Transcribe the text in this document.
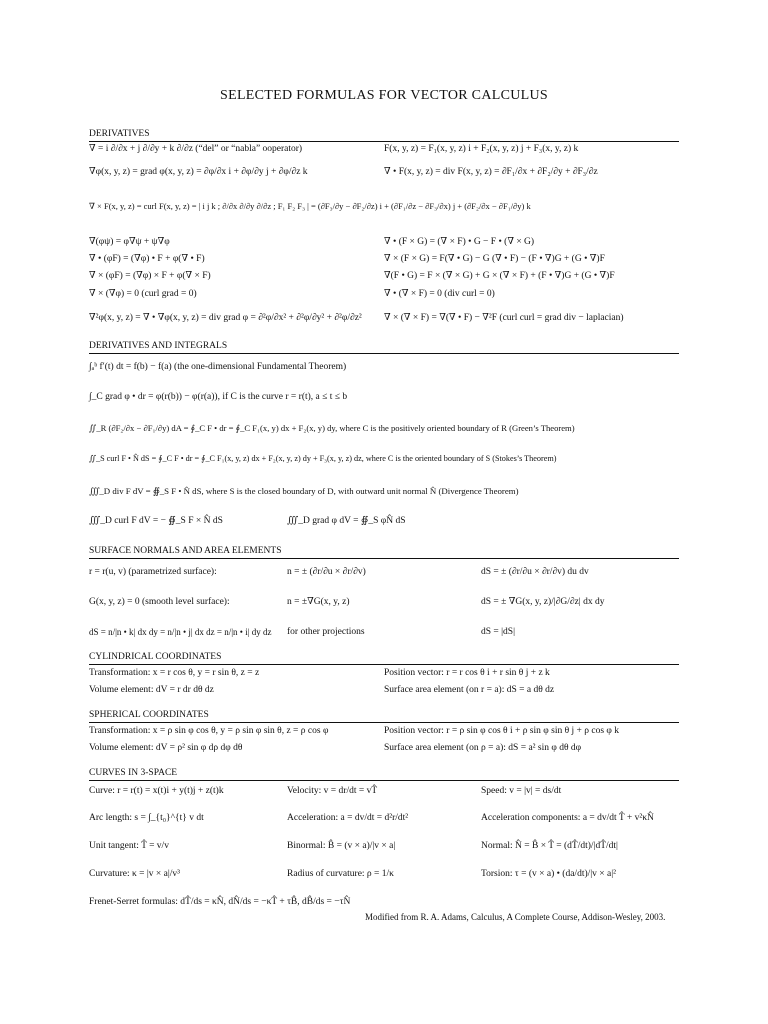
SELECTED FORMULAS FOR VECTOR CALCULUS
DERIVATIVES
∇ = i ∂/∂x + j ∂/∂y + k ∂/∂z (“del” or “nabla” ooperator)
∇φ(x, y, z) = grad φ(x, y, z) = ∂φ/∂x i + ∂φ/∂y j + ∂φ/∂z k
∇ × F(x, y, z) = curl F(x, y, z) = | i j k ; ∂/∂x ∂/∂y ∂/∂z ; F₁ F₂ F₃ | = (∂F₃/∂y − ∂F₂/∂z) i + (∂F₁/∂z − ∂F₃/∂x) j + (∂F₂/∂x − ∂F₁/∂y) k
∇(φψ) = φ∇ψ + ψ∇φ
∇ • (φF) = (∇φ) • F + φ(∇ • F)
∇ × (φF) = (∇φ) × F + φ(∇ × F)
∇ × (∇φ) = 0 (curl grad = 0)
∇²φ(x, y, z) = ∇ • ∇φ(x, y, z) = div grad φ = ∂²φ/∂x² + ∂²φ/∂y² + ∂²φ/∂z²
F(x, y, z) = F₁(x, y, z) i + F₂(x, y, z) j + F₃(x, y, z) k
∇ • F(x, y, z) = div F(x, y, z) = ∂F₁/∂x + ∂F₂/∂y + ∂F₃/∂z
∇ • (F × G) = (∇ × F) • G − F • (∇ × G)
∇ × (F × G) = F(∇ • G) − G (∇ • F) − (F • ∇)G + (G • ∇)F
∇(F • G) = F × (∇ × G) + G × (∇ × F) + (F • ∇)G + (G • ∇)F
∇ • (∇ × F) = 0 (div curl = 0)
∇ × (∇ × F) = ∇(∇ • F) − ∇²F (curl curl = grad div − laplacian)
DERIVATIVES AND INTEGRALS
∫ₐᵇ f′(t) dt = f(b) − f(a) (the one-dimensional Fundamental Theorem)
∫_C grad φ • dr = φ(r(b)) − φ(r(a)), if C is the curve r = r(t), a ≤ t ≤ b
∬_R (∂F₂/∂x − ∂F₁/∂y) dA = ∮_C F • dr = ∮_C F₁(x, y) dx + F₂(x, y) dy, where C is the positively oriented boundary of R (Green’s Theorem)
∬_S curl F • N̂ dS = ∮_C F • dr = ∮_C F₁(x, y, z) dx + F₂(x, y, z) dy + F₃(x, y, z) dz, where C is the oriented boundary of S (Stokes’s Theorem)
∭_D div F dV = ∯_S F • N̂ dS, where S is the closed boundary of D, with outward unit normal N̂ (Divergence Theorem)
∭_D curl F dV = − ∯_S F × N̂ dS	∭_D grad φ dV = ∯_S φN̂ dS
SURFACE NORMALS AND AREA ELEMENTS
r = r(u, v) (parametrized surface):
G(x, y, z) = 0 (smooth level surface):
dS = n/|n • k| dx dy = n/|n • j| dx dz = n/|n • i| dy dz
n = ± (∂r/∂u × ∂r/∂v)
n = ±∇G(x, y, z)
for other projections
dS = ± (∂r/∂u × ∂r/∂v) du dv
dS = ± ∇G(x, y, z)/|∂G/∂z| dx dy
dS = |dS|
CYLINDRICAL COORDINATES
Transformation: x = r cos θ, y = r sin θ, z = z
Volume element: dV = r dr dθ dz
Position vector: r = r cos θ i + r sin θ j + z k
Surface area element (on r = a): dS = a dθ dz
SPHERICAL COORDINATES
Transformation: x = ρ sin φ cos θ, y = ρ sin φ sin θ, z = ρ cos φ
Volume element: dV = ρ² sin φ dρ dφ dθ
Position vector: r = ρ sin φ cos θ i + ρ sin φ sin θ j + ρ cos φ k
Surface area element (on ρ = a): dS = a² sin φ dθ dφ
CURVES IN 3-SPACE
Curve: r = r(t) = x(t)i + y(t)j + z(t)k
Arc length: s = ∫_{t₀}^{t} v dt
Unit tangent: T̂ = v/v
Curvature: κ = |v × a|/v³
Frenet-Serret formulas: dT̂/ds = κN̂, dN̂/ds = −κT̂ + τB̂, dB̂/ds = −τN̂
Velocity: v = dr/dt = vT̂
Acceleration: a = dv/dt = d²r/dt²
Binormal: B̂ = (v × a)/|v × a|
Radius of curvature: ρ = 1/κ
Speed: v = |v| = ds/dt
Acceleration components: a = dv/dt T̂ + v²κN̂
Normal: N̂ = B̂ × T̂ = (dT̂/dt)/|dT̂/dt|
Torsion: τ = (v × a) • (da/dt)/|v × a|²
Modified from R. A. Adams, Calculus, A Complete Course, Addison-Wesley, 2003.
